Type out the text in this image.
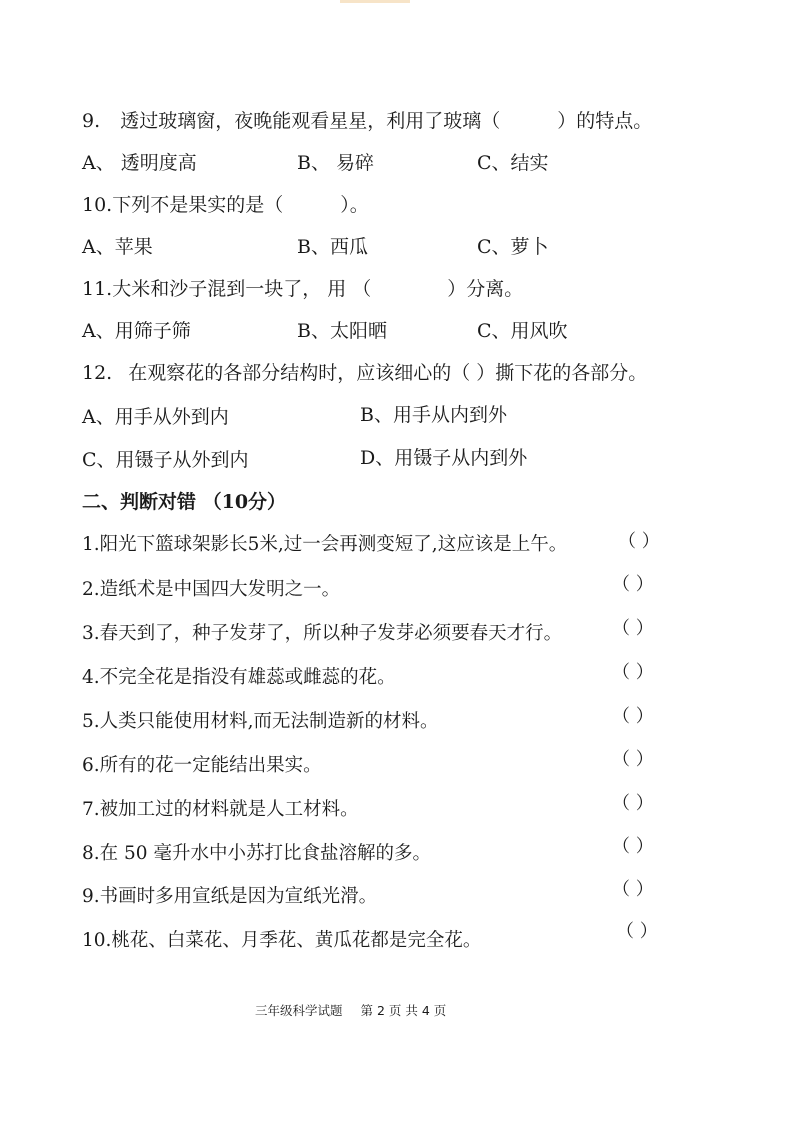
9. 透过玻璃窗，夜晚能观看星星，利用了玻璃（　　　）的特点。
A、 透明度高	B、 易碎	C、结实
10.下列不是果实的是（　　　）。
A、苹果	B、西瓜	C、萝卜
11.大米和沙子混到一块了， 用 （　　　　）分离。
A、用筛子筛	B、太阳晒	C、用风吹
12. 在观察花的各部分结构时，应该细心的（ ）撕下花的各部分。
A、用手从外到内	B、用手从内到外
C、用镊子从外到内	D、用镊子从内到外
二、判断对错 （10分）
1.阳光下篮球架影长5米,过一会再测变短了,这应该是上午。	（ ）
2.造纸术是中国四大发明之一。	（ ）
3.春天到了，种子发芽了，所以种子发芽必须要春天才行。	（ ）
4.不完全花是指没有雄蕊或雌蕊的花。	（ ）
5.人类只能使用材料,而无法制造新的材料。	（ ）
6.所有的花一定能结出果实。	（ ）
7.被加工过的材料就是人工材料。	（ ）
8.在 50 毫升水中小苏打比食盐溶解的多。	（ ）
9.书画时多用宣纸是因为宣纸光滑。	（ ）
10.桃花、白菜花、月季花、黄瓜花都是完全花。	（ ）
三年级科学试题 第 2 页 共 4 页
